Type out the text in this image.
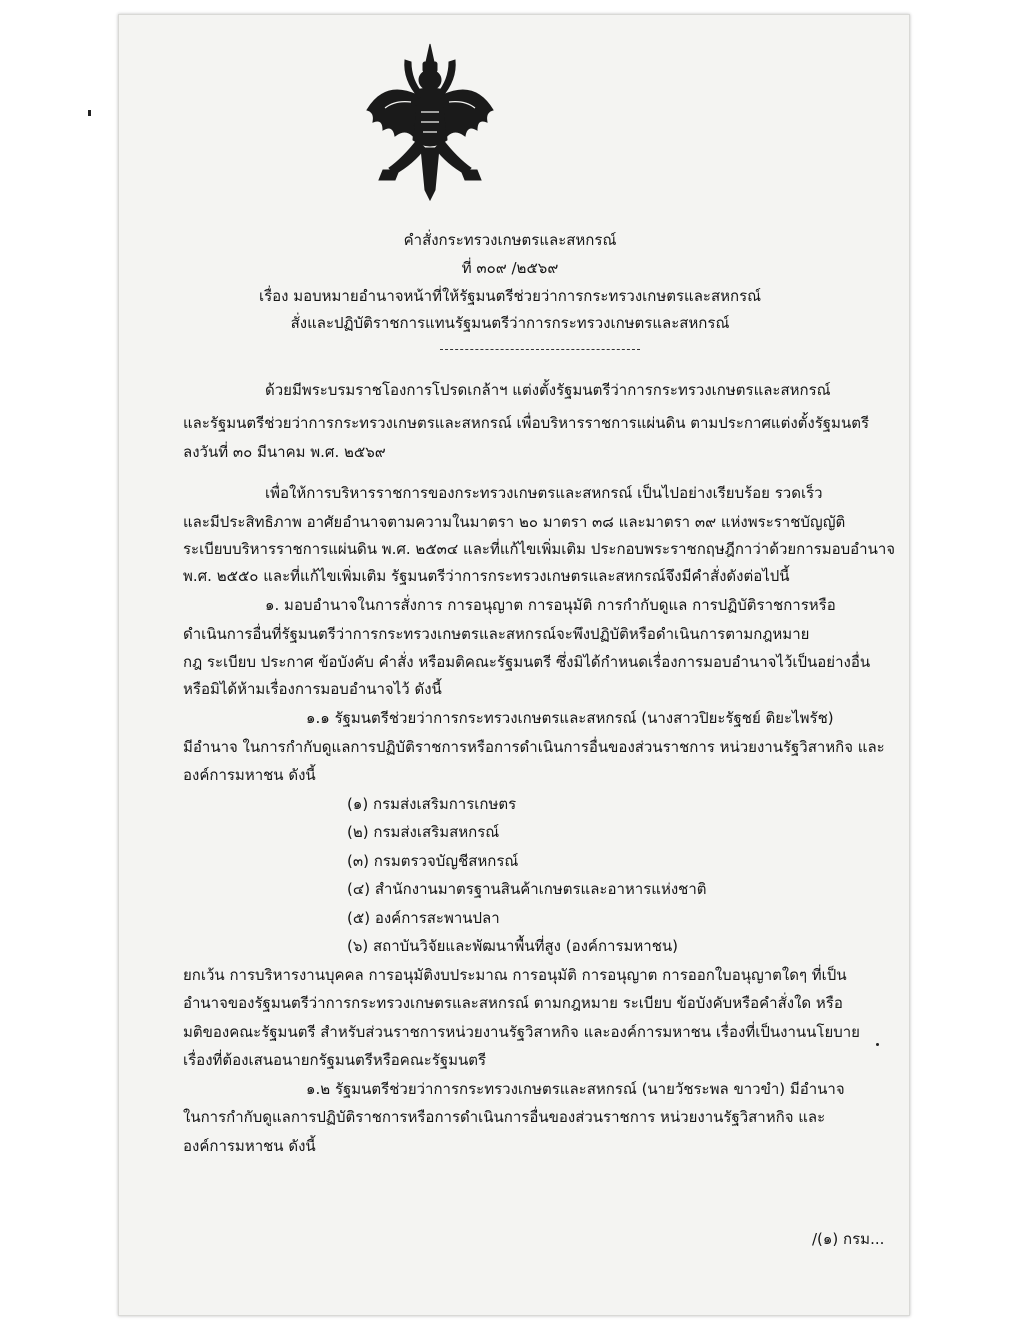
คำสั่งกระทรวงเกษตรและสหกรณ์
ที่ ๓๐๙ /๒๕๖๙
เรื่อง มอบหมายอำนาจหน้าที่ให้รัฐมนตรีช่วยว่าการกระทรวงเกษตรและสหกรณ์
สั่งและปฏิบัติราชการแทนรัฐมนตรีว่าการกระทรวงเกษตรและสหกรณ์
ด้วยมีพระบรมราชโองการโปรดเกล้าฯ แต่งตั้งรัฐมนตรีว่าการกระทรวงเกษตรและสหกรณ์
และรัฐมนตรีช่วยว่าการกระทรวงเกษตรและสหกรณ์ เพื่อบริหารราชการแผ่นดิน ตามประกาศแต่งตั้งรัฐมนตรี
ลงวันที่ ๓๐ มีนาคม พ.ศ. ๒๕๖๙
เพื่อให้การบริหารราชการของกระทรวงเกษตรและสหกรณ์ เป็นไปอย่างเรียบร้อย รวดเร็ว
และมีประสิทธิภาพ อาศัยอำนาจตามความในมาตรา ๒๐ มาตรา ๓๘ และมาตรา ๓๙ แห่งพระราชบัญญัติ
ระเบียบบริหารราชการแผ่นดิน พ.ศ. ๒๕๓๔ และที่แก้ไขเพิ่มเติม ประกอบพระราชกฤษฎีกาว่าด้วยการมอบอำนาจ
พ.ศ. ๒๕๕๐ และที่แก้ไขเพิ่มเติม รัฐมนตรีว่าการกระทรวงเกษตรและสหกรณ์จึงมีคำสั่งดังต่อไปนี้
๑. มอบอำนาจในการสั่งการ การอนุญาต การอนุมัติ การกำกับดูแล การปฏิบัติราชการหรือ
ดำเนินการอื่นที่รัฐมนตรีว่าการกระทรวงเกษตรและสหกรณ์จะพึงปฏิบัติหรือดำเนินการตามกฎหมาย
กฎ ระเบียบ ประกาศ ข้อบังคับ คำสั่ง หรือมติคณะรัฐมนตรี ซึ่งมิได้กำหนดเรื่องการมอบอำนาจไว้เป็นอย่างอื่น
หรือมิได้ห้ามเรื่องการมอบอำนาจไว้ ดังนี้
๑.๑ รัฐมนตรีช่วยว่าการกระทรวงเกษตรและสหกรณ์ (นางสาวปิยะรัฐชย์ ติยะไพรัช)
มีอำนาจ ในการกำกับดูแลการปฏิบัติราชการหรือการดำเนินการอื่นของส่วนราชการ หน่วยงานรัฐวิสาหกิจ และ
องค์การมหาชน ดังนี้
(๑) กรมส่งเสริมการเกษตร
(๒) กรมส่งเสริมสหกรณ์
(๓) กรมตรวจบัญชีสหกรณ์
(๔) สำนักงานมาตรฐานสินค้าเกษตรและอาหารแห่งชาติ
(๕) องค์การสะพานปลา
(๖) สถาบันวิจัยและพัฒนาพื้นที่สูง (องค์การมหาชน)
ยกเว้น การบริหารงานบุคคล การอนุมัติงบประมาณ การอนุมัติ การอนุญาต การออกใบอนุญาตใดๆ ที่เป็น
อำนาจของรัฐมนตรีว่าการกระทรวงเกษตรและสหกรณ์ ตามกฎหมาย ระเบียบ ข้อบังคับหรือคำสั่งใด หรือ
มติของคณะรัฐมนตรี สำหรับส่วนราชการหน่วยงานรัฐวิสาหกิจ และองค์การมหาชน เรื่องที่เป็นงานนโยบาย
เรื่องที่ต้องเสนอนายกรัฐมนตรีหรือคณะรัฐมนตรี
๑.๒ รัฐมนตรีช่วยว่าการกระทรวงเกษตรและสหกรณ์ (นายวัชระพล ขาวขำ) มีอำนาจ
ในการกำกับดูแลการปฏิบัติราชการหรือการดำเนินการอื่นของส่วนราชการ หน่วยงานรัฐวิสาหกิจ และ
องค์การมหาชน ดังนี้
/(๑) กรม...
